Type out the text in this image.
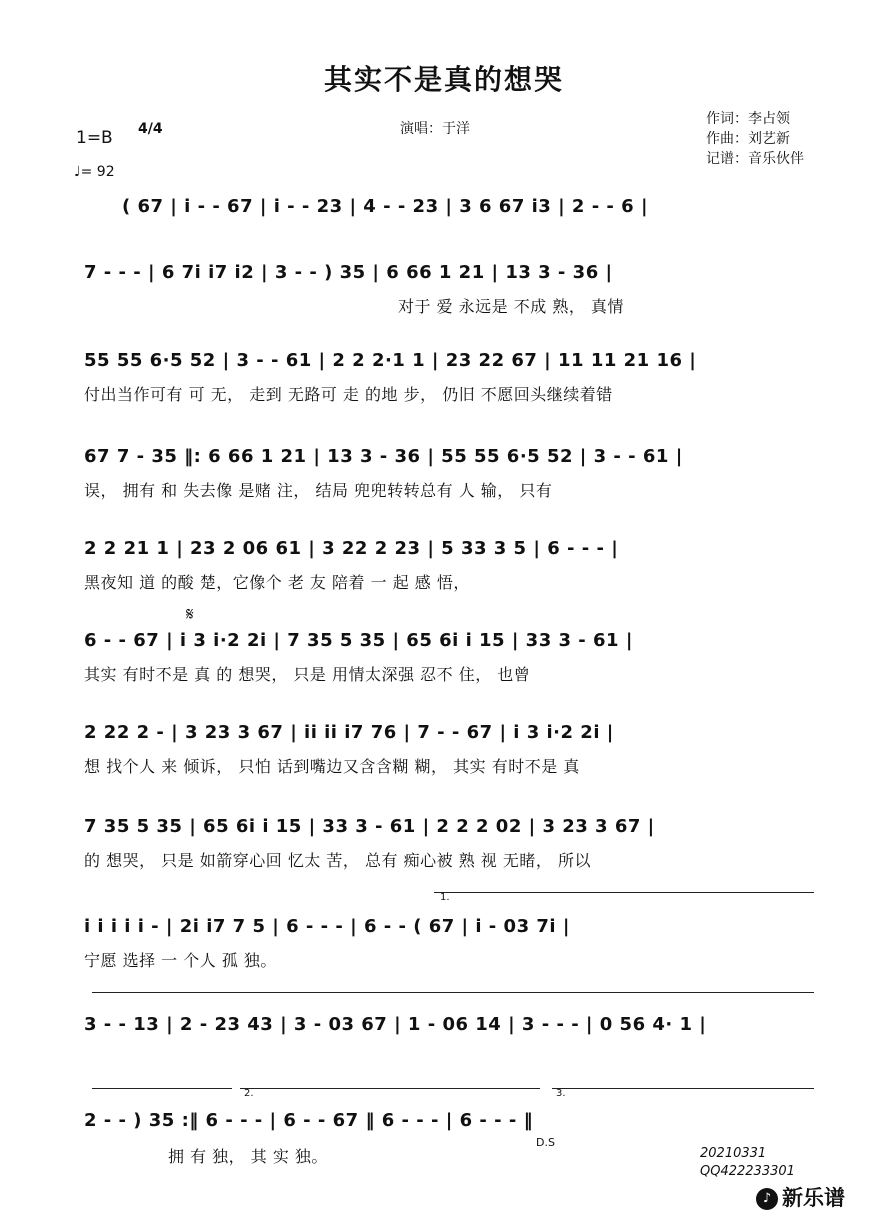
其实不是真的想哭
演唱：于洋
作词：李占领
作曲：刘艺新
记谱：音乐伙伴
1=B 4/4
♩= 92
( 67 | i - - 67 | i - - 23 | 4 - - 23 | 3 6 67 i3 | 2 - - 6 |
7 - - - | 6 7i i7 i2 | 3 - - ) 35 | 6 66 1 21 | 13 3 - 36 |
对于 爱 永远是 不成 熟， 真情
55 55 6·5 52 | 3 - - 61 | 2 2 2·1 1 | 23 22 67 | 11 11 21 16 |
付出当作可有 可 无， 走到 无路可 走 的地 步， 仍旧 不愿回头继续着错
67 7 - 35 ‖: 6 66 1 21 | 13 3 - 36 | 55 55 6·5 52 | 3 - - 61 |
误， 拥有 和 失去像 是赌 注， 结局 兜兜转转总有 人 输， 只有
2 2 21 1 | 23 2 06 61 | 3 22 2 23 | 5 33 3 5 | 6 - - - |
黑夜知 道 的酸 楚，它像个 老 友 陪着 一 起 感 悟，
𝄋
6 - - 67 | i 3 i·2 2i | 7 35 5 35 | 65 6i i 15 | 33 3 - 61 |
其实 有时不是 真 的 想哭， 只是 用情太深强 忍不 住， 也曾
2 22 2 - | 3 23 3 67 | ii ii i7 76 | 7 - - 67 | i 3 i·2 2i |
想 找个人 来 倾诉， 只怕 话到嘴边又含含糊 糊， 其实 有时不是 真
7 35 5 35 | 65 6i i 15 | 33 3 - 61 | 2 2 2 02 | 3 23 3 67 |
的 想哭， 只是 如箭穿心回 忆太 苦， 总有 痴心被 熟 视 无睹， 所以
1.
i i i i i - | 2i i7 7 5 | 6 - - - | 6 - - ( 67 | i - 03 7i |
宁愿 选择 一 个人 孤 独。
3 - - 13 | 2 - 23 43 | 3 - 03 67 | 1 - 06 14 | 3 - - - | 0 56 4· 1 |
2.	3.
2 - - ) 35 :‖ 6 - - - | 6 - - 67 ‖ 6 - - - | 6 - - - ‖
D.S
拥 有 独， 其 实 独。	20210331
QQ422233301
♪ 新乐谱
